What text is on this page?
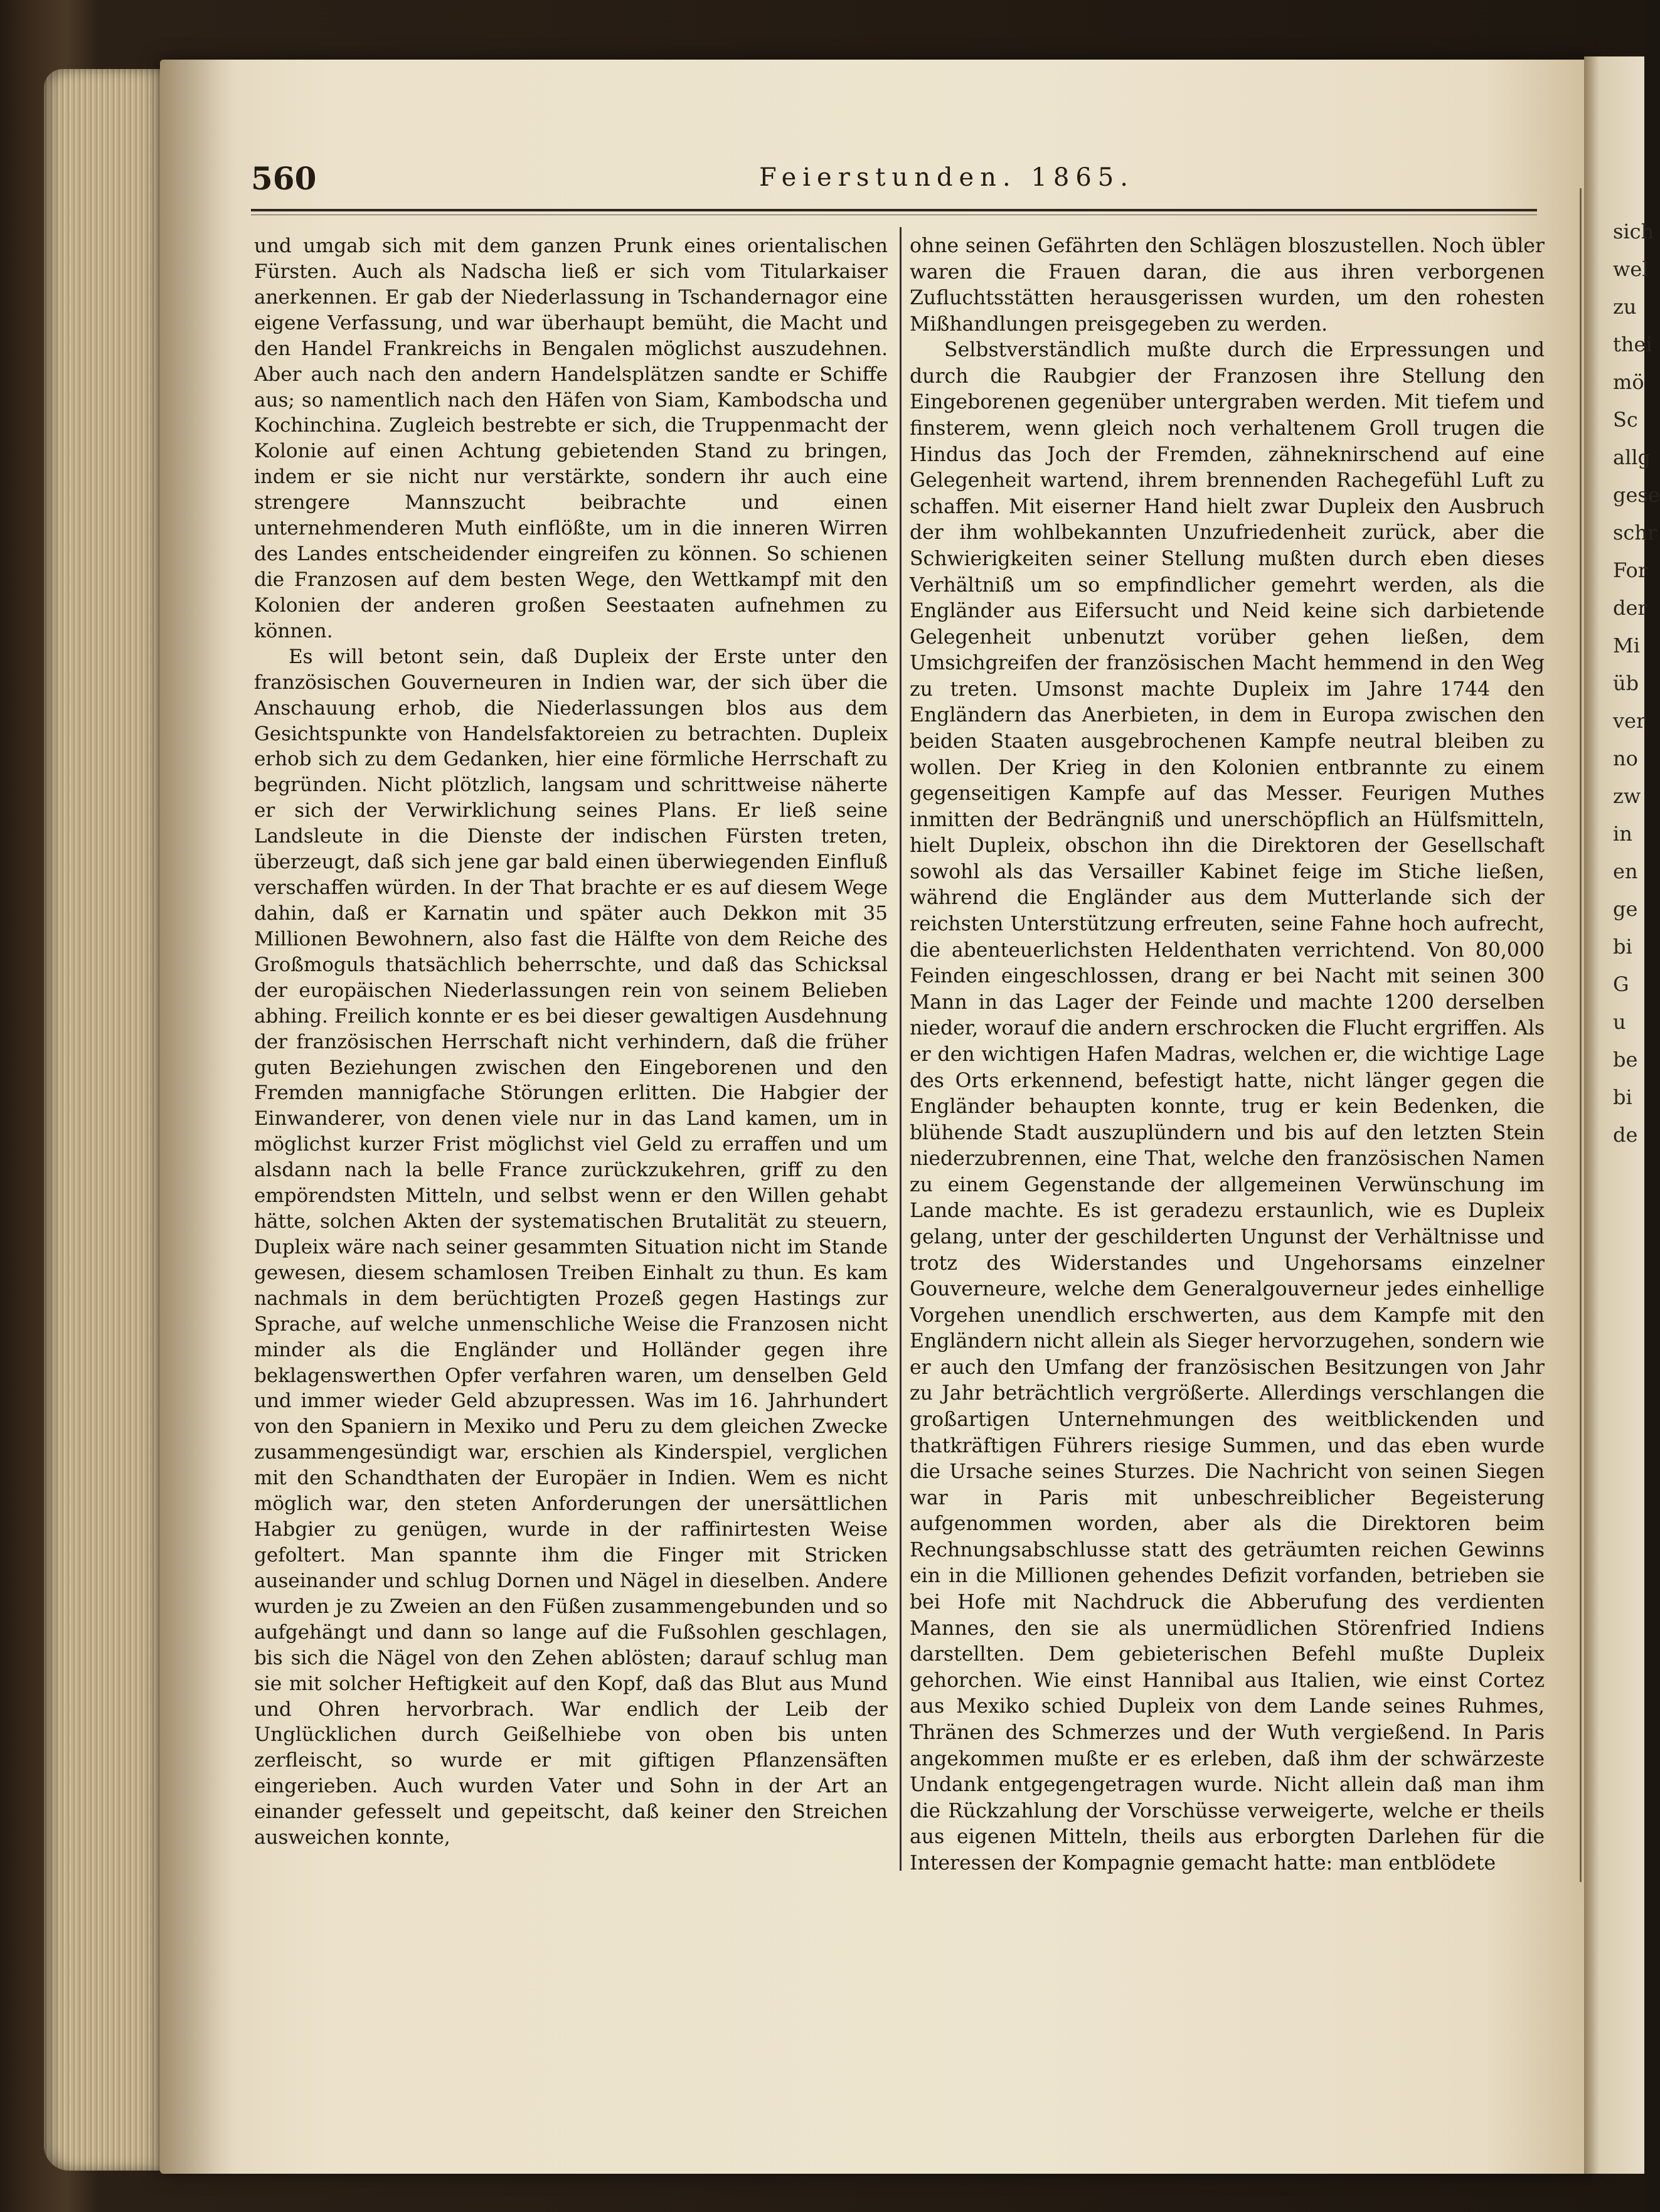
sich
wel
zu
thei
mö
Sc
allg
gese
schr
For
der
Mi
üb
ver
no
zw
in
en
ge
bi
G
u
be
bi
de
560	Feierstunden. 1865.

und umgab sich mit dem ganzen Prunk eines orientalischen Fürsten. Auch als Nadscha ließ er sich vom Titularkaiser anerkennen. Er gab der Niederlassung in Tschandernagor eine eigene Verfassung, und war überhaupt bemüht, die Macht und den Handel Frankreichs in Bengalen möglichst auszudehnen. Aber auch nach den andern Handelsplätzen sandte er Schiffe aus; so namentlich nach den Häfen von Siam, Kambodscha und Kochinchina. Zugleich bestrebte er sich, die Truppenmacht der Kolonie auf einen Achtung gebietenden Stand zu bringen, indem er sie nicht nur verstärkte, sondern ihr auch eine strengere Mannszucht beibrachte und einen unternehmenderen Muth einflößte, um in die inneren Wirren des Landes entscheidender eingreifen zu können. So schienen die Franzosen auf dem besten Wege, den Wettkampf mit den Kolonien der anderen großen Seestaaten aufnehmen zu können.

Es will betont sein, daß Dupleix der Erste unter den französischen Gouverneuren in Indien war, der sich über die Anschauung erhob, die Niederlassungen blos aus dem Gesichtspunkte von Handelsfaktoreien zu betrachten. Dupleix erhob sich zu dem Gedanken, hier eine förmliche Herrschaft zu begründen. Nicht plötzlich, langsam und schrittweise näherte er sich der Verwirklichung seines Plans. Er ließ seine Landsleute in die Dienste der indischen Fürsten treten, überzeugt, daß sich jene gar bald einen überwiegenden Einfluß verschaffen würden. In der That brachte er es auf diesem Wege dahin, daß er Karnatin und später auch Dekkon mit 35 Millionen Bewohnern, also fast die Hälfte von dem Reiche des Großmoguls thatsächlich beherrschte, und daß das Schicksal der europäischen Niederlassungen rein von seinem Belieben abhing. Freilich konnte er es bei dieser gewaltigen Ausdehnung der französischen Herrschaft nicht verhindern, daß die früher guten Beziehungen zwischen den Eingeborenen und den Fremden mannigfache Störungen erlitten. Die Habgier der Einwanderer, von denen viele nur in das Land kamen, um in möglichst kurzer Frist möglichst viel Geld zu erraffen und um alsdann nach la belle France zurückzukehren, griff zu den empörendsten Mitteln, und selbst wenn er den Willen gehabt hätte, solchen Akten der systematischen Brutalität zu steuern, Dupleix wäre nach seiner gesammten Situation nicht im Stande gewesen, diesem schamlosen Treiben Einhalt zu thun. Es kam nachmals in dem berüchtigten Prozeß gegen Hastings zur Sprache, auf welche unmenschliche Weise die Franzosen nicht minder als die Engländer und Holländer gegen ihre beklagenswerthen Opfer verfahren waren, um denselben Geld und immer wieder Geld abzupressen. Was im 16. Jahrhundert von den Spaniern in Mexiko und Peru zu dem gleichen Zwecke zusammengesündigt war, erschien als Kinderspiel, verglichen mit den Schandthaten der Europäer in Indien. Wem es nicht möglich war, den steten Anforderungen der unersättlichen Habgier zu genügen, wurde in der raffinirtesten Weise gefoltert. Man spannte ihm die Finger mit Stricken auseinander und schlug Dornen und Nägel in dieselben. Andere wurden je zu Zweien an den Füßen zusammengebunden und so aufgehängt und dann so lange auf die Fußsohlen geschlagen, bis sich die Nägel von den Zehen ablösten; darauf schlug man sie mit solcher Heftigkeit auf den Kopf, daß das Blut aus Mund und Ohren hervorbrach. War endlich der Leib der Unglücklichen durch Geißelhiebe von oben bis unten zerfleischt, so wurde er mit giftigen Pflanzensäften eingerieben. Auch wurden Vater und Sohn in der Art an einander gefesselt und gepeitscht, daß keiner den Streichen ausweichen konnte,

ohne seinen Gefährten den Schlägen bloszustellen. Noch übler waren die Frauen daran, die aus ihren verborgenen Zufluchtsstätten herausgerissen wurden, um den rohesten Mißhandlungen preisgegeben zu werden.

Selbstverständlich mußte durch die Erpressungen und durch die Raubgier der Franzosen ihre Stellung den Eingeborenen gegenüber untergraben werden. Mit tiefem und finsterem, wenn gleich noch verhaltenem Groll trugen die Hindus das Joch der Fremden, zähneknirschend auf eine Gelegenheit wartend, ihrem brennenden Rachegefühl Luft zu schaffen. Mit eiserner Hand hielt zwar Dupleix den Ausbruch der ihm wohlbekannten Unzufriedenheit zurück, aber die Schwierigkeiten seiner Stellung mußten durch eben dieses Verhältniß um so empfindlicher gemehrt werden, als die Engländer aus Eifersucht und Neid keine sich darbietende Gelegenheit unbenutzt vorüber gehen ließen, dem Umsichgreifen der französischen Macht hemmend in den Weg zu treten. Umsonst machte Dupleix im Jahre 1744 den Engländern das Anerbieten, in dem in Europa zwischen den beiden Staaten ausgebrochenen Kampfe neutral bleiben zu wollen. Der Krieg in den Kolonien entbrannte zu einem gegenseitigen Kampfe auf das Messer. Feurigen Muthes inmitten der Bedrängniß und unerschöpflich an Hülfsmitteln, hielt Dupleix, obschon ihn die Direktoren der Gesellschaft sowohl als das Versailler Kabinet feige im Stiche ließen, während die Engländer aus dem Mutterlande sich der reichsten Unterstützung erfreuten, seine Fahne hoch aufrecht, die abenteuerlichsten Heldenthaten verrichtend. Von 80,000 Feinden eingeschlossen, drang er bei Nacht mit seinen 300 Mann in das Lager der Feinde und machte 1200 derselben nieder, worauf die andern erschrocken die Flucht ergriffen. Als er den wichtigen Hafen Madras, welchen er, die wichtige Lage des Orts erkennend, befestigt hatte, nicht länger gegen die Engländer behaupten konnte, trug er kein Bedenken, die blühende Stadt auszuplündern und bis auf den letzten Stein niederzubrennen, eine That, welche den französischen Namen zu einem Gegenstande der allgemeinen Verwünschung im Lande machte. Es ist geradezu erstaunlich, wie es Dupleix gelang, unter der geschilderten Ungunst der Verhältnisse und trotz des Widerstandes und Ungehorsams einzelner Gouverneure, welche dem Generalgouverneur jedes einhellige Vorgehen unendlich erschwerten, aus dem Kampfe mit den Engländern nicht allein als Sieger hervorzugehen, sondern wie er auch den Umfang der französischen Besitzungen von Jahr zu Jahr beträchtlich vergrößerte. Allerdings verschlangen die großartigen Unternehmungen des weitblickenden und thatkräftigen Führers riesige Summen, und das eben wurde die Ursache seines Sturzes. Die Nachricht von seinen Siegen war in Paris mit unbeschreiblicher Begeisterung aufgenommen worden, aber als die Direktoren beim Rechnungsabschlusse statt des geträumten reichen Gewinns ein in die Millionen gehendes Defizit vorfanden, betrieben sie bei Hofe mit Nachdruck die Abberufung des verdienten Mannes, den sie als unermüdlichen Störenfried Indiens darstellten. Dem gebieterischen Befehl mußte Dupleix gehorchen. Wie einst Hannibal aus Italien, wie einst Cortez aus Mexiko schied Dupleix von dem Lande seines Ruhmes, Thränen des Schmerzes und der Wuth vergießend. In Paris angekommen mußte er es erleben, daß ihm der schwärzeste Undank entgegengetragen wurde. Nicht allein daß man ihm die Rückzahlung der Vorschüsse verweigerte, welche er theils aus eigenen Mitteln, theils aus erborgten Darlehen für die Interessen der Kompagnie gemacht hatte: man entblödete
